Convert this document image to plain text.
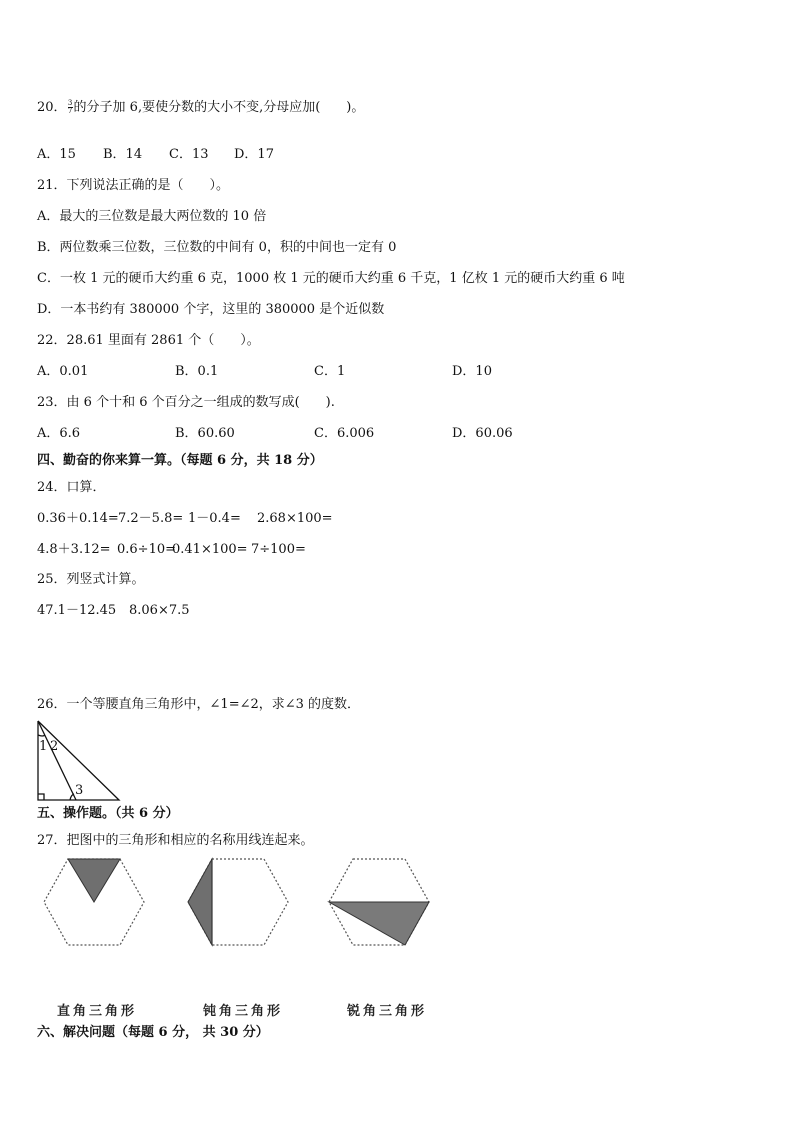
20． $\frac{3}{7}$ 的分子加 6,要使分数的大小不变,分母应加(　　)。
A．15 B．14 C．13 D．17
21．下列说法正确的是（　　）。
A．最大的三位数是最大两位数的 10 倍
B．两位数乘三位数，三位数的中间有 0，积的中间也一定有 0
C．一枚 1 元的硬币大约重 6 克，1000 枚 1 元的硬币大约重 6 千克，1 亿枚 1 元的硬币大约重 6 吨
D．一本书约有 380000 个字，这里的 380000 是个近似数
22．28.61 里面有 2861 个（　　）。
A．0.01	B．0.1	C．1	D．10
23．由 6 个十和 6 个百分之一组成的数写成(　　).
A．6.6	B．60.60	C．6.006	D．60.06
四、勤奋的你来算一算。（每题 6 分，共 18 分）
24．口算．
0.36＋0.14= 7.2－5.8= 1－0.4= 2.68×100=
4.8＋3.12= 0.6÷10=
0.41×100= 7÷100=
25．列竖式计算。
47.1－12.45 8.06×7.5
26．一个等腰直角三角形中，∠1=∠2，求∠3 的度数．
1 2
3
五、操作题。（共 6 分）
27．把图中的三角形和相应的名称用线连起来。
直角三角形	钝角三角形	锐角三角形
六、解决问题（每题 6 分， 共 30 分）
